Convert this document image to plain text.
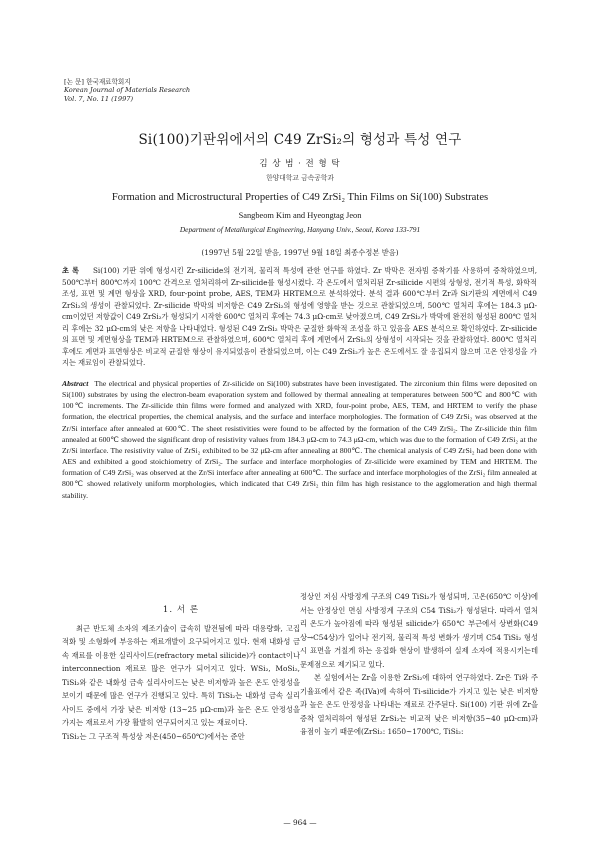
[논 문] 한국재료학회지
Korean Journal of Materials Research
Vol. 7, No. 11 (1997)
Si(100)기판위에서의 C49 ZrSi₂의 형성과 특성 연구
김 상 범 · 전 형 탁
한양대학교 금속공학과
Formation and Microstructural Properties of C49 ZrSi₂ Thin Films on Si(100) Substrates
Sangbeom Kim and Hyeongtag Jeon
Department of Metallurgical Engineering, Hanyang Univ., Seoul, Korea 133-791
(1997년 5월 22일 받음, 1997년 9월 18일 최종수정본 받음)
초 록 Si(100) 기판 위에 형성시킨 Zr-silicide의 전기적, 물리적 특성에 관한 연구를 하였다. Zr 박막은 전자빔 증착기를 사용하여 증착하였으며, 500℃부터 800℃까지 100℃ 간격으로 열처리하여 Zr-silicide를 형성시켰다. 각 온도에서 열처리된 Zr-silicide 시편의 상형성, 전기적 특성, 화학적 조성, 표면 및 계면 형상을 XRD, four-point probe, AES, TEM과 HRTEM으로 분석하였다. 분석 결과 600℃부터 Zr과 Si기판의 계면에서 C49 ZrSi₂의 생성이 관찰되었다. Zr-silicide 박막의 비저항은 C49 ZrSi₂의 형성에 영향을 받는 것으로 관찰되었으며, 500℃ 열처리 후에는 184.3 μΩ-cm이었던 저항값이 C49 ZrSi₂가 형성되기 시작한 600℃ 열처리 후에는 74.3 μΩ-cm로 낮아졌으며, C49 ZrSi₂가 박막에 완전히 형성된 800℃ 열처리 후에는 32 μΩ-cm의 낮은 저항을 나타내었다. 형성된 C49 ZrSi₂ 박막은 균질한 화학적 조성을 하고 있음을 AES 분석으로 확인하였다. Zr-silicide의 표면 및 계면형상을 TEM과 HRTEM으로 관찰하였으며, 600℃ 열처리 후에 계면에서 ZrSi₂의 상형성이 시작되는 것을 관찰하였다. 800℃ 열처리 후에도 계면과 표면형상은 비교적 균질한 형상이 유지되었음이 관찰되었으며, 이는 C49 ZrSi₂가 높은 온도에서도 잘 응집되지 않으며 고온 안정성을 가지는 재료임이 관찰되었다.
Abstract The electrical and physical properties of Zr-silicide on Si(100) substrates have been investigated. The zirconium thin films were deposited on Si(100) substrates by using the electron-beam evaporation system and followed by thermal annealing at temperatures between 500℃ and 800℃ with 100℃ increments. The Zr-silicide thin films were formed and analyzed with XRD, four-point probe, AES, TEM, and HRTEM to verify the phase formation, the electrical properties, the chemical analysis, and the surface and interface morphologies. The formation of C49 ZrSi₂ was observed at the Zr/Si interface after annealed at 600℃. The sheet resistivities were found to be affected by the formation of the C49 ZrSi₂. The Zr-silicide thin film annealed at 600℃ showed the significant drop of resistivity values from 184.3 μΩ-cm to 74.3 μΩ-cm, which was due to the formation of C49 ZrSi₂ at the Zr/Si interface. The resistivity value of ZrSi₂ exhibited to be 32 μΩ-cm after annealing at 800℃. The chemical analysis of C49 ZrSi₂ had been done with AES and exhibited a good stoichiometry of ZrSi₂. The surface and interface morphologies of Zr-silicide were examined by TEM and HRTEM. The formation of C49 ZrSi₂ was observed at the Zr/Si interface after annealing at 600℃. The surface and interface morphologies of the ZrSi₂ film annealed at 800℃ showed relatively uniform morphologies, which indicated that C49 ZrSi₂ thin film has high resistance to the agglomeration and high thermal stability.
1. 서 론

최근 반도체 소자의 제조기술이 급속히 발전됨에 따라 대용량화, 고집적화 및 소형화에 부응하는 재료개발이 요구되어지고 있다. 현재 내화성 금속 재료를 이용한 실리사이드(refractory metal silicide)가 contact이나 interconnection 재료로 많은 연구가 되어지고 있다. WSi₂, MoSi₂, TiSi₂와 같은 내화성 금속 실리사이드는 낮은 비저항과 높은 온도 안정성을 보이기 때문에 많은 연구가 진행되고 있다. 특히 TiSi₂는 내화성 금속 실리사이드 중에서 가장 낮은 비저항 (13~25 μΩ-cm)과 높은 온도 안정성을 가지는 재료로서 가장 활발히 연구되어지고 있는 재료이다.

TiSi₂는 그 구조적 특성상 저온(450~650℃)에서는 준안

정상인 저심 사방정계 구조의 C49 TiSi₂가 형성되며, 고온(650℃ 이상)에서는 안정상인 면심 사방정계 구조의 C54 TiSi₂가 형성된다. 따라서 열처리 온도가 높아짐에 따라 형성된 silicide가 650℃ 부근에서 상변화(C49상→C54상)가 일어나 전기적, 물리적 특성 변화가 생기며 C54 TiSi₂ 형성시 표면을 거칠게 하는 응집화 현상이 발생하여 실제 소자에 적용시키는데 문제점으로 제기되고 있다.

본 실험에서는 Zr을 이용한 ZrSi₂에 대하여 연구하였다. Zr은 Ti와 주기율표에서 같은 족(IVa)에 속하여 Ti-silicide가 가지고 있는 낮은 비저항과 높은 온도 안정성을 나타내는 재료로 간주된다. Si(100) 기판 위에 Zr을 증착 열처리하여 형성된 ZrSi₂는 비교적 낮은 비저항(35~40 μΩ-cm)과 융점이 높기 때문에(ZrSi₂: 1650~1700℃, TiSi₂:

— 964 —
